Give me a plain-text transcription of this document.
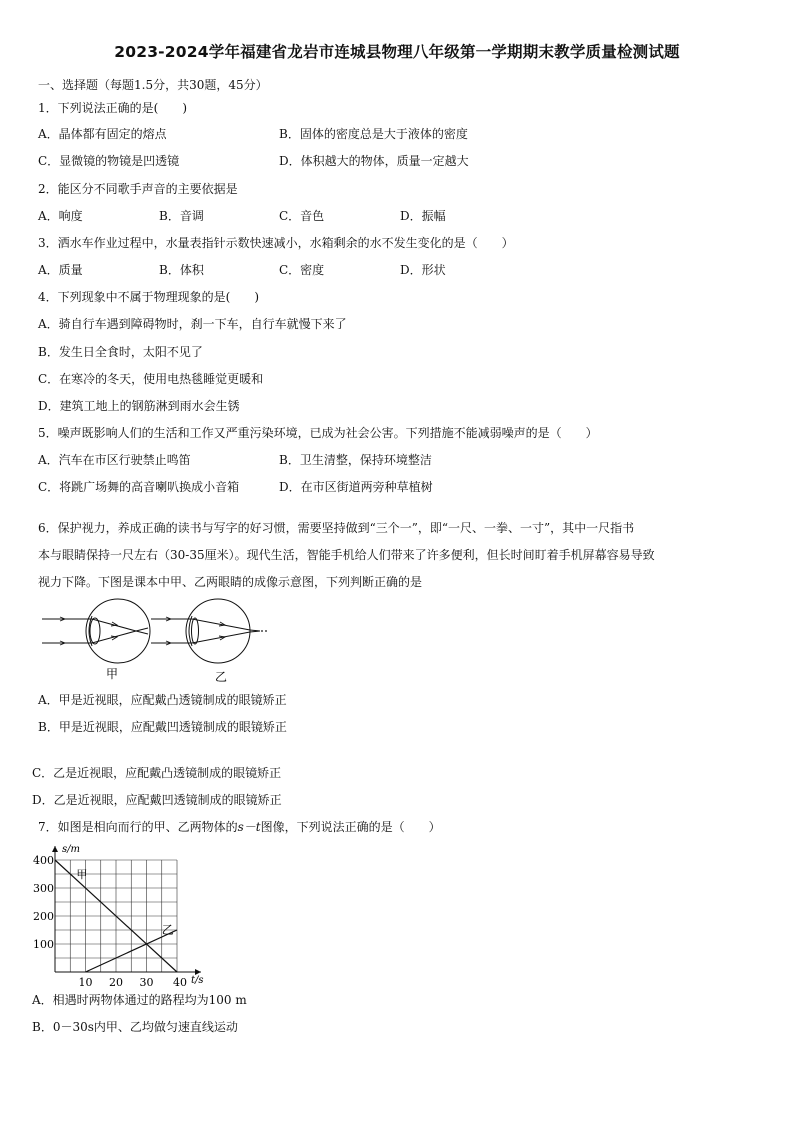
2023-2024学年福建省龙岩市连城县物理八年级第一学期期末教学质量检测试题
一、选择题（每题1.5分，共30题，45分）
1．下列说法正确的是(　　)
A．晶体都有固定的熔点	B．固体的密度总是大于液体的密度
C．显微镜的物镜是凹透镜	D．体积越大的物体，质量一定越大
2．能区分不同歌手声音的主要依据是
A．响度	B．音调	C．音色	D．振幅
3．洒水车作业过程中，水量表指针示数快速减小，水箱剩余的水不发生变化的是（　　）
A．质量	B．体积	C．密度	D．形状
4．下列现象中不属于物理现象的是(　　)
A．骑自行车遇到障碍物时，刹一下车，自行车就慢下来了
B．发生日全食时，太阳不见了
C．在寒冷的冬天，使用电热毯睡觉更暖和
D．建筑工地上的钢筋淋到雨水会生锈
5．噪声既影响人们的生活和工作又严重污染环境，已成为社会公害。下列措施不能减弱噪声的是（　　）
A．汽车在市区行驶禁止鸣笛	B．卫生清整，保持环境整洁
C．将跳广场舞的高音喇叭换成小音箱	D．在市区街道两旁种草植树
6．保护视力，养成正确的读书与写字的好习惯，需要坚持做到“三个一”，即“一尺、一拳、一寸”，其中一尺指书
本与眼睛保持一尺左右（30-35厘米）。现代生活，智能手机给人们带来了许多便利，但长时间盯着手机屏幕容易导致
视力下降。下图是课本中甲、乙两眼睛的成像示意图，下列判断正确的是
甲	乙
A．甲是近视眼，应配戴凸透镜制成的眼镜矫正
B．甲是近视眼，应配戴凹透镜制成的眼镜矫正
C．乙是近视眼，应配戴凸透镜制成的眼镜矫正
D．乙是近视眼，应配戴凹透镜制成的眼镜矫正
7．如图是相向而行的甲、乙两物体的s－t图像，下列说法正确的是（　　）
10 20 30 40
100
200
300
400
t/s
s/m
甲
乙
A．相遇时两物体通过的路程均为100 m
B．0－30s内甲、乙均做匀速直线运动
